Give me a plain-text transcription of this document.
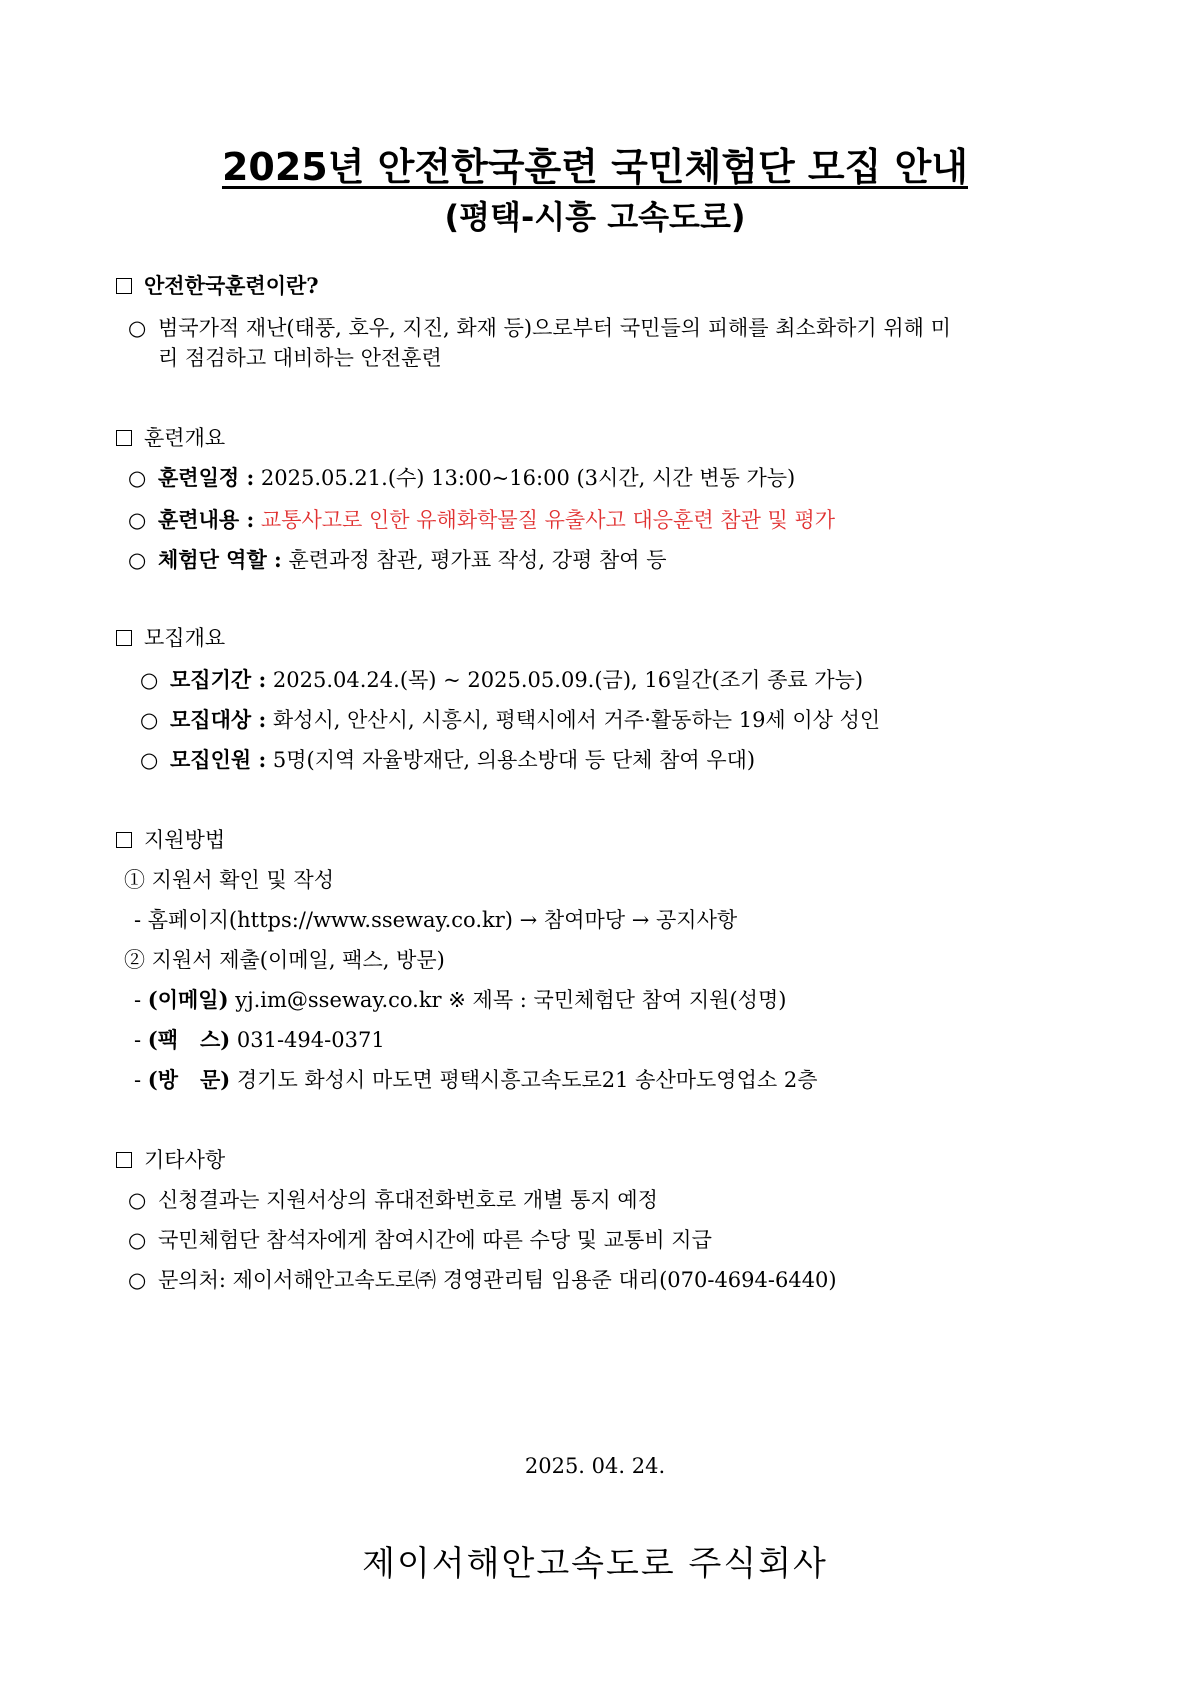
2025년 안전한국훈련 국민체험단 모집 안내
(평택-시흥 고속도로)
안전한국훈련이란?
○ 범국가적 재난(태풍, 호우, 지진, 화재 등)으로부터 국민들의 피해를 최소화하기 위해 미
리 점검하고 대비하는 안전훈련
훈련개요
○ 훈련일정 : 2025.05.21.(수) 13:00~16:00 (3시간, 시간 변동 가능)
○ 훈련내용 : 교통사고로 인한 유해화학물질 유출사고 대응훈련 참관 및 평가
○ 체험단 역할 : 훈련과정 참관, 평가표 작성, 강평 참여 등
모집개요
○ 모집기간 : 2025.04.24.(목) ~ 2025.05.09.(금), 16일간(조기 종료 가능)
○ 모집대상 : 화성시, 안산시, 시흥시, 평택시에서 거주·활동하는 19세 이상 성인
○ 모집인원 : 5명(지역 자율방재단, 의용소방대 등 단체 참여 우대)
지원방법
① 지원서 확인 및 작성
- 홈페이지(https://www.sseway.co.kr) → 참여마당 → 공지사항
② 지원서 제출(이메일, 팩스, 방문)
- (이메일) yj.im@sseway.co.kr ※ 제목 : 국민체험단 참여 지원(성명)
- (팩   스) 031-494-0371
- (방   문) 경기도 화성시 마도면 평택시흥고속도로21 송산마도영업소 2층
기타사항
○ 신청결과는 지원서상의 휴대전화번호로 개별 통지 예정
○ 국민체험단 참석자에게 참여시간에 따른 수당 및 교통비 지급
○ 문의처: 제이서해안고속도로㈜ 경영관리팀 임용준 대리(070-4694-6440)
2025. 04. 24.
제이서해안고속도로 주식회사
